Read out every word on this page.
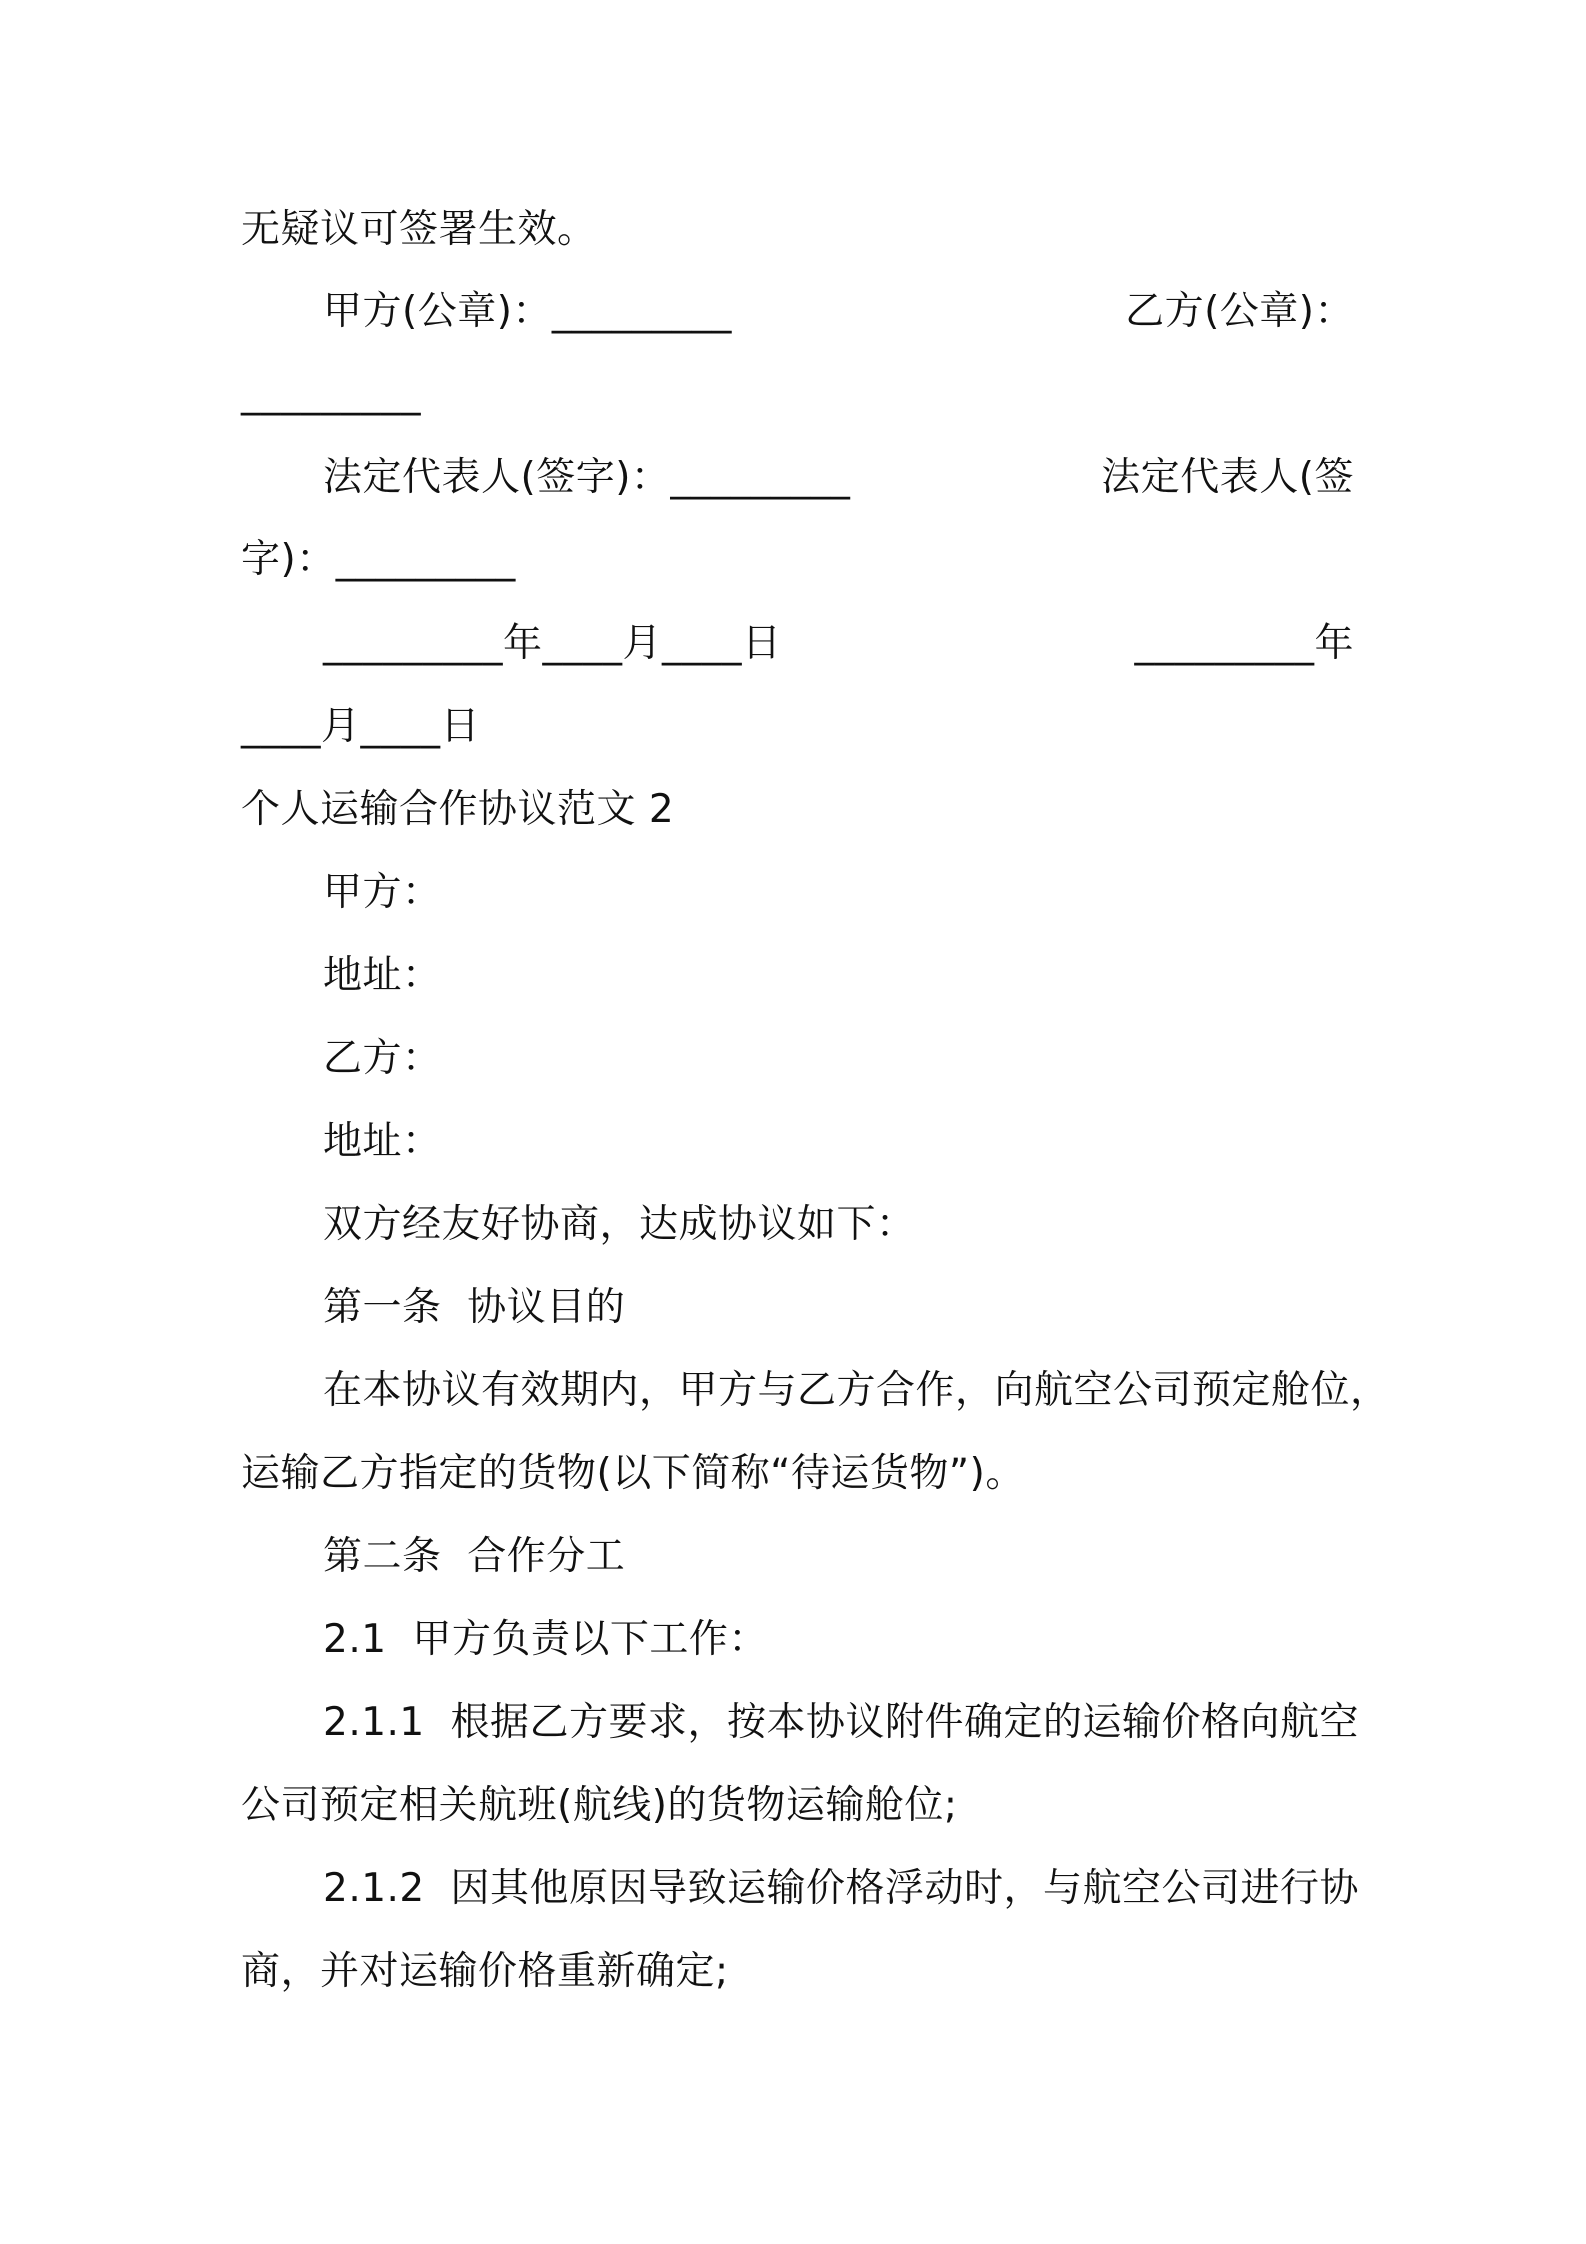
无疑议可签署生效。
甲方(公章)：_________	乙方(公章)：
_________
法定代表人(签字)：_________	法定代表人(签
字)：_________
_________年____月____日	_________年
____月____日
个人运输合作协议范文 2
甲方：
地址：
乙方：
地址：
双方经友好协商，达成协议如下：
第一条  协议目的
在本协议有效期内，甲方与乙方合作，向航空公司预定舱位，
运输乙方指定的货物(以下简称“待运货物”)。
第二条  合作分工
2.1  甲方负责以下工作：
2.1.1  根据乙方要求，按本协议附件确定的运输价格向航空
公司预定相关航班(航线)的货物运输舱位;
2.1.2  因其他原因导致运输价格浮动时，与航空公司进行协
商，并对运输价格重新确定;
